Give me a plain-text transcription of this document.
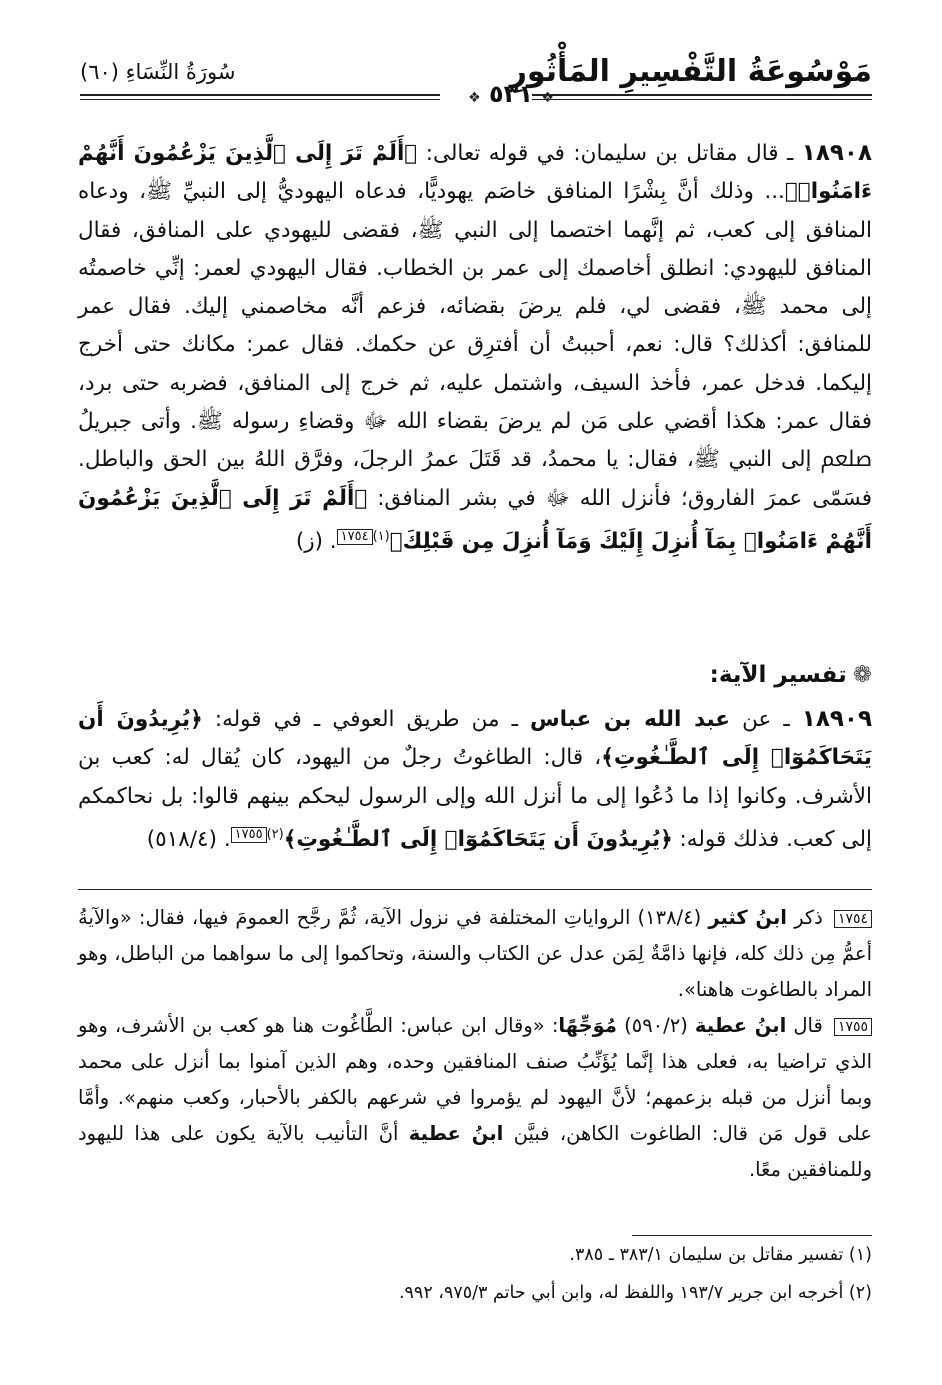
مَوْسُوعَةُ التَّفْسِيرِ المَأْثُورِ
سُورَةُ النِّسَاءِ (٦٠)
❖ ٥٣١ ❖
١٨٩٠٨ ـ قال مقاتل بن سليمان: في قوله تعالى: ﴿أَلَمْ تَرَ إِلَى ٱلَّذِينَ يَزْعُمُونَ أَنَّهُمْ ءَامَنُوا۟﴾... وذلك أنَّ بِشْرًا المنافق خاصَم يهوديًّا، فدعاه اليهوديُّ إلى النبيِّ ﷺ، ودعاه المنافق إلى كعب، ثم إنَّهما اختصما إلى النبي ﷺ، فقضى لليهودي على المنافق، فقال المنافق لليهودي: انطلق أخاصمك إلى عمر بن الخطاب. فقال اليهودي لعمر: إنِّي خاصمتُه إلى محمد ﷺ، فقضى لي، فلم يرضَ بقضائه، فزعم أنَّه مخاصمني إليك. فقال عمر للمنافق: أكذلك؟ قال: نعم، أحببتُ أن أفترِق عن حكمك. فقال عمر: مكانك حتى أخرج إليكما. فدخل عمر، فأخذ السيف، واشتمل عليه، ثم خرج إلى المنافق، فضربه حتى برد، فقال عمر: هكذا أقضي على مَن لم يرضَ بقضاء الله ﷻ وقضاءِ رسوله ﷺ. وأتى جبريلُ ﷵ إلى النبي ﷺ، فقال: يا محمدُ، قد قَتَلَ عمرُ الرجلَ، وفرَّق اللهُ بين الحق والباطل. فسَمّى عمرَ الفاروق؛ فأنزل الله ﷻ في بشر المنافق: ﴿أَلَمْ تَرَ إِلَى ٱلَّذِينَ يَزْعُمُونَ أَنَّهُمْ ءَامَنُوا۟ بِمَآ أُنزِلَ إِلَيْكَ وَمَآ أُنزِلَ مِن قَبْلِكَ﴾$^{(١)}$١٧٥٤. (ز)
❁تفسير الآية:
١٨٩٠٩ ـ عن عبد الله بن عباس ـ من طريق العوفي ـ في قوله: ﴿يُرِيدُونَ أَن يَتَحَاكَمُوٓا۟ إِلَى ٱلطَّـٰغُوتِ﴾، قال: الطاغوتُ رجلٌ من اليهود، كان يُقال له: كعب بن الأشرف. وكانوا إذا ما دُعُوا إلى ما أنزل الله وإلى الرسول ليحكم بينهم قالوا: بل نحاكمكم إلى كعب. فذلك قوله: ﴿يُرِيدُونَ أَن يَتَحَاكَمُوٓا۟ إِلَى ٱلطَّـٰغُوتِ﴾$^{(٢)}$١٧٥٥. (٥١٨/٤)
١٧٥٤ ذكر ابنُ كثير (١٣٨/٤) الرواياتِ المختلفة في نزول الآية، ثُمَّ رجَّح العمومَ فيها، فقال: «والآيةُ أعمُّ مِن ذلك كله، فإنها ذامَّةٌ لِمَن عدل عن الكتاب والسنة، وتحاكموا إلى ما سواهما من الباطل، وهو المراد بالطاغوت هاهنا».
١٧٥٥ قال ابنُ عطية (٥٩٠/٢) مُوَجِّهًا: «وقال ابن عباس: الطَّاغُوت هنا هو كعب بن الأشرف، وهو الذي تراضيا به، فعلى هذا إنَّما يُؤَنِّبُ صنف المنافقين وحده، وهم الذين آمنوا بما أنزل على محمد وبما أنزل من قبله بزعمهم؛ لأنَّ اليهود لم يؤمروا في شرعهم بالكفر بالأحبار، وكعب منهم». وأمَّا على قول مَن قال: الطاغوت الكاهن، فبيَّن ابنُ عطية أنَّ التأنيب بالآية يكون على هذا لليهود وللمنافقين معًا.
(١) تفسير مقاتل بن سليمان ٣٨٣/١ ـ ٣٨٥.
(٢) أخرجه ابن جرير ١٩٣/٧ واللفظ له، وابن أبي حاتم ٩٧٥/٣، ٩٩٢.
